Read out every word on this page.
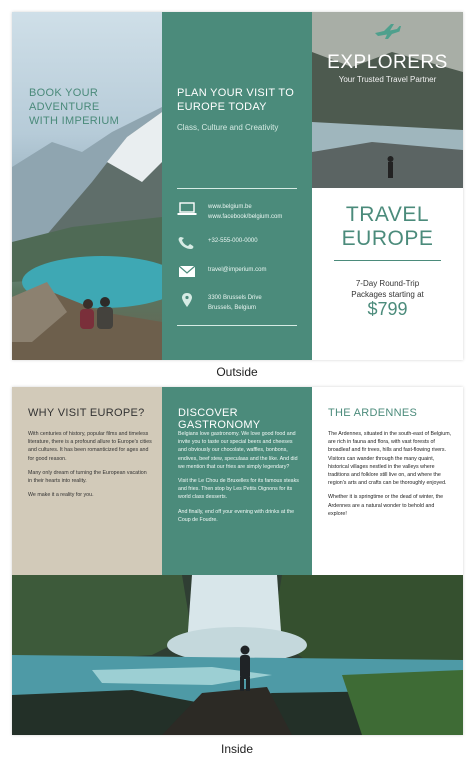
BOOK YOUR
ADVENTURE
WITH IMPERIUM
PLAN YOUR VISIT TO
EUROPE TODAY
Class, Culture and Creativity
www.belgium.be
www.facebook/belgium.com
+32-555-000-0000
travel@imperium.com
3300 Brussels Drive
Brussels, Belgium
EXPLORERS
Your Trusted Travel Partner
TRAVEL
EUROPE
7-Day Round-Trip
Packages starting at
$799
Outside
WHY VISIT EUROPE?

With centuries of history, popular films and timeless literature, there is a profound allure to Europe's cities and cultures. It has been romanticized for ages and for good reason.

Many only dream of turning the European vacation in their hearts into reality.

We make it a reality for you.

DISCOVER GASTRONOMY

Belgians love gastronomy. We love good food and invite you to taste our special beers and cheeses and obviously our chocolate, waffles, bonbons, endives, beef stew, speculaas and the like. And did we mention that our fries are simply legendary?

Visit the Le Chou de Bruxelles for its famous steaks and fries. Then stop by Les Petits Oignons for its world class desserts.

And finally, end off your evening with drinks at the Coup de Foudre.

THE ARDENNES

The Ardennes, situated in the south-east of Belgium, are rich in fauna and flora, with vast forests of broadleaf and fir trees, hills and fast-flowing rivers. Visitors can wander through the many quaint, historical villages nestled in the valleys where traditions and folklore still live on, and where the region's arts and crafts can be thoroughly enjoyed.

Whether it is springtime or the dead of winter, the Ardennes are a natural wonder to behold and explore!

Inside
